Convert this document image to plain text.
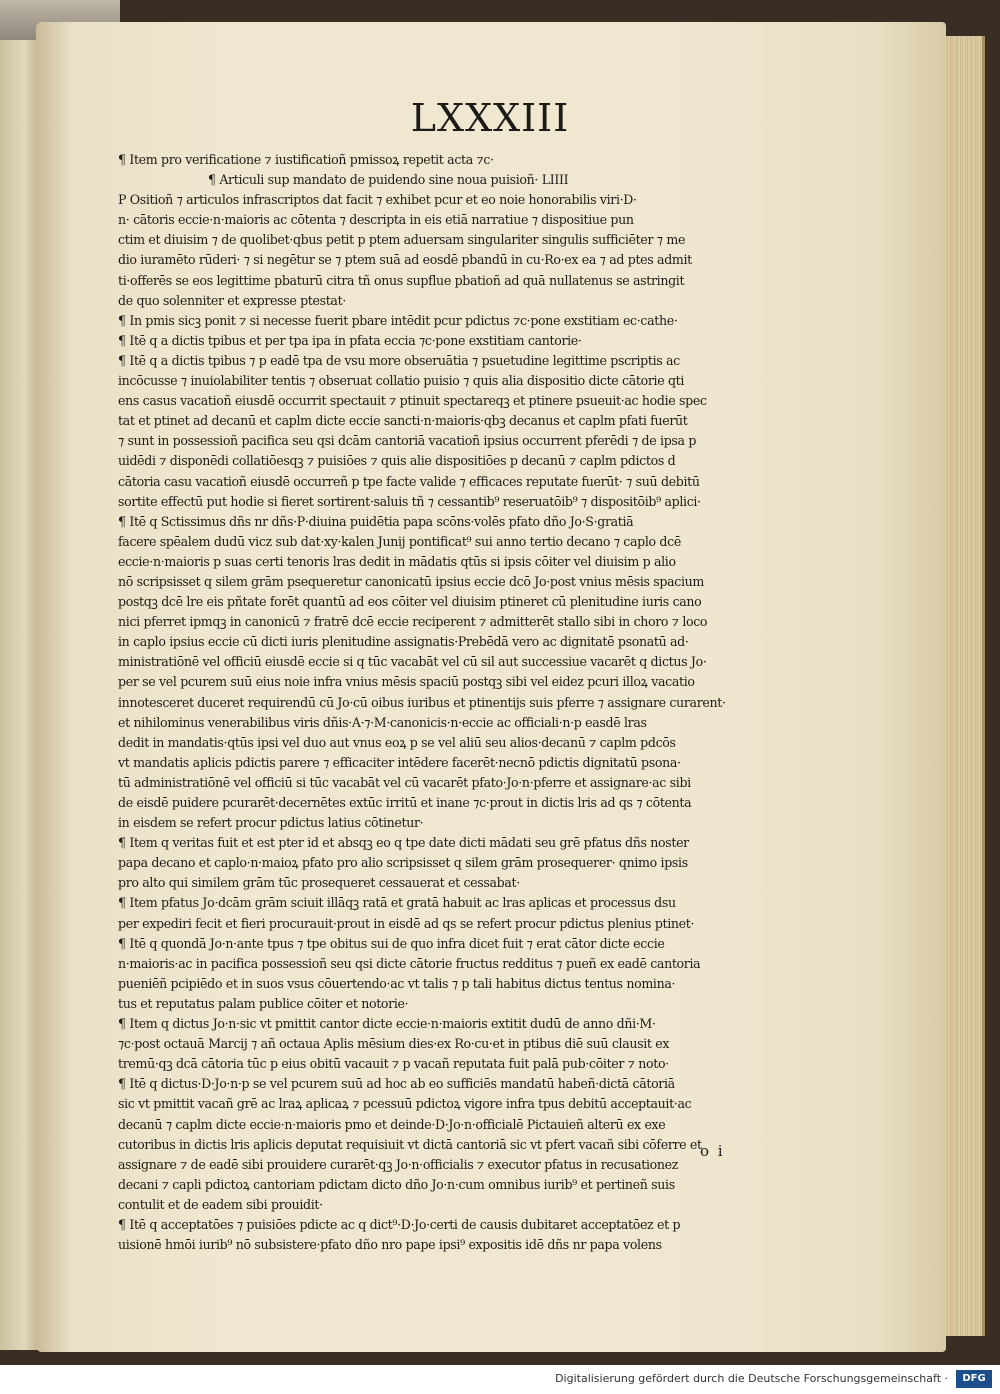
LXXXIII
¶ Item pro verificatione ⁊ iustificatioñ pmissoꝝ repetit acta ⁊c·
¶ Articuli sup mandato de puidendo sine noua puisioñ· LIIII
P Ositioñ ⁊ articulos infrascriptos dat facit ⁊ exhibet pcur et eo noie honorabilis viri·D·
n· cātoris eccie·n·maioris ac cōtenta ⁊ descripta in eis etiā narratiue ⁊ dispositiue pun
ctim et diuisim ⁊ de quolibet·qbus petit p ptem aduersam singulariter singulis sufficiēter ⁊ me
dio iuramēto rūderi· ⁊ si negētur se ⁊ ptem suā ad eosdē pbandū in cu·Ro·ex ea ⁊ ad ptes admit
ti·offerēs se eos legittime pbaturū citra tñ onus supflue pbatioñ ad quā nullatenus se astringit
de quo solenniter et expresse ptestat·
¶ In pmis sicꝫ ponit ⁊ si necesse fuerit pbare intēdit pcur pdictus ⁊c·pone exstitiam ec·cathe·
¶ Itē q a dictis tpibus et per tpa ipa in pfata eccia ⁊c·pone exstitiam cantorie·
¶ Itē q a dictis tpibus ⁊ p eadē tpa de vsu more obseruātia ⁊ psuetudine legittime pscriptis ac
incōcusse ⁊ inuiolabiliter tentis ⁊ obseruat collatio puisio ⁊ quis alia dispositio dicte cātorie qti
ens casus vacatioñ eiusdē occurrit spectauit ⁊ ptinuit spectareqꝫ et ptinere psueuit·ac hodie spec
tat et ptinet ad decanū et caplm dicte eccie sancti·n·maioris·qbꝫ decanus et caplm pfati fuerūt
⁊ sunt in possessioñ pacifica seu qsi dcām cantoriā vacatioñ ipsius occurrent pferēdi ⁊ de ipsa p
uidēdi ⁊ disponēdi collatiōesqꝫ ⁊ puisiōes ⁊ quis alie dispositiōes p decanū ⁊ caplm pdictos d
cātoria casu vacatioñ eiusdē occurreñ p tpe facte valide ⁊ efficaces reputate fuerūt· ⁊ suū debitū
sortite effectū put hodie si fieret sortirent·saluis tñ ⁊ cessantib⁹ reseruatōib⁹ ⁊ dispositōib⁹ aplici·
¶ Itē q Sctissimus dñs nr dñs·P·diuina puidētia papa scōns·volēs pfato dño Jo·S·gratiā
facere spēalem dudū vicz sub dat·xy·kalen Junij pontificat⁹ sui anno tertio decano ⁊ caplo dcē
eccie·n·maioris p suas certi tenoris lras dedit in mādatis qtūs si ipsis cōiter vel diuisim p alio
nō scripsisset q silem grām psequeretur canonicatū ipsius eccie dcō Jo·post vnius mēsis spacium
postqꝫ dcē lre eis pñtate forēt quantū ad eos cōiter vel diuisim ptineret cū plenitudine iuris cano
nici pferret ipmqꝫ in canonicū ⁊ fratrē dcē eccie reciperent ⁊ admitterēt stallo sibi in choro ⁊ loco
in caplo ipsius eccie cū dicti iuris plenitudine assignatis·Prebēdā vero ac dignitatē psonatū ad·
ministratiōnē vel officiū eiusdē eccie si q tūc vacabāt vel cū sil aut successiue vacarēt q dictus Jo·
per se vel pcurem suū eius noie infra vnius mēsis spaciū postqꝫ sibi vel eidez pcuri illoꝝ vacatio
innotesceret duceret requirendū cū Jo·cū oibus iuribus et ptinentijs suis pferre ⁊ assignare curarent·
et nihilominus venerabilibus viris dñis·A·⁊·M·canonicis·n·eccie ac officiali·n·p easdē lras
dedit in mandatis·qtūs ipsi vel duo aut vnus eoꝝ p se vel aliū seu alios·decanū ⁊ caplm pdcōs
vt mandatis aplicis pdictis parere ⁊ efficaciter intēdere facerēt·necnō pdictis dignitatū psona·
tū administratiōnē vel officiū si tūc vacabāt vel cū vacarēt pfato·Jo·n·pferre et assignare·ac sibi
de eisdē puidere pcurarēt·decernētes extūc irritū et inane ⁊c·prout in dictis lris ad qs ⁊ cōtenta
in eisdem se refert procur pdictus latius cōtinetur·
¶ Item q veritas fuit et est pter id et absqꝫ eo q tpe date dicti mādati seu grē pfatus dñs noster
papa decano et caplo·n·maioꝝ pfato pro alio scripsisset q silem grām prosequerer· qnimo ipsis
pro alto qui similem grām tūc prosequeret cessauerat et cessabat·
¶ Item pfatus Jo·dcām grām sciuit illāqꝫ ratā et gratā habuit ac lras aplicas et processus dsu
per expediri fecit et fieri procurauit·prout in eisdē ad qs se refert procur pdictus plenius ptinet·
¶ Itē q quondā Jo·n·ante tpus ⁊ tpe obitus sui de quo infra dicet fuit ⁊ erat cātor dicte eccie
n·maioris·ac in pacifica possessioñ seu qsi dicte cātorie fructus redditus ⁊ pueñ ex eadē cantoria
pueniēñ pcipiēdo et in suos vsus cōuertendo·ac vt talis ⁊ p tali habitus dictus tentus nomina·
tus et reputatus palam publice cōiter et notorie·
¶ Item q dictus Jo·n·sic vt pmittit cantor dicte eccie·n·maioris extitit dudū de anno dñi·M·
⁊c·post octauā Marcij ⁊ añ octaua Aplis mēsium dies·ex Ro·cu·et in ptibus diē suū clausit ex
tremū·qꝫ dcā cātoria tūc p eius obitū vacauit ⁊ p vacañ reputata fuit palā pub·cōiter ⁊ noto·
¶ Itē q dictus·D·Jo·n·p se vel pcurem suū ad hoc ab eo sufficiēs mandatū habeñ·dictā cātoriā
sic vt pmittit vacañ grē ac lraꝝ aplicaꝝ ⁊ pcessuū pdictoꝝ vigore infra tpus debitū acceptauit·ac
decanū ⁊ caplm dicte eccie·n·maioris pmo et deinde·D·Jo·n·officialē Pictauieñ alterū ex exe
cutoribus in dictis lris aplicis deputat requisiuit vt dictā cantoriā sic vt pfert vacañ sibi cōferre et
assignare ⁊ de eadē sibi prouidere curarēt·qꝫ Jo·n·officialis ⁊ executor pfatus in recusationez
decani ⁊ capli pdictoꝝ cantoriam pdictam dicto dño Jo·n·cum omnibus iurib⁹ et pertineñ suis
contulit et de eadem sibi prouidit·
¶ Itē q acceptatōes ⁊ puisiōes pdicte ac q dict⁹·D·Jo·certi de causis dubitaret acceptatōez et p
uisionē hmōi iurib⁹ nō subsistere·pfato dño nro pape ipsi⁹ expositis idē dñs nr papa volens
o i
Digitalisierung gefördert durch die Deutsche Forschungsgemeinschaft ·	DFG
